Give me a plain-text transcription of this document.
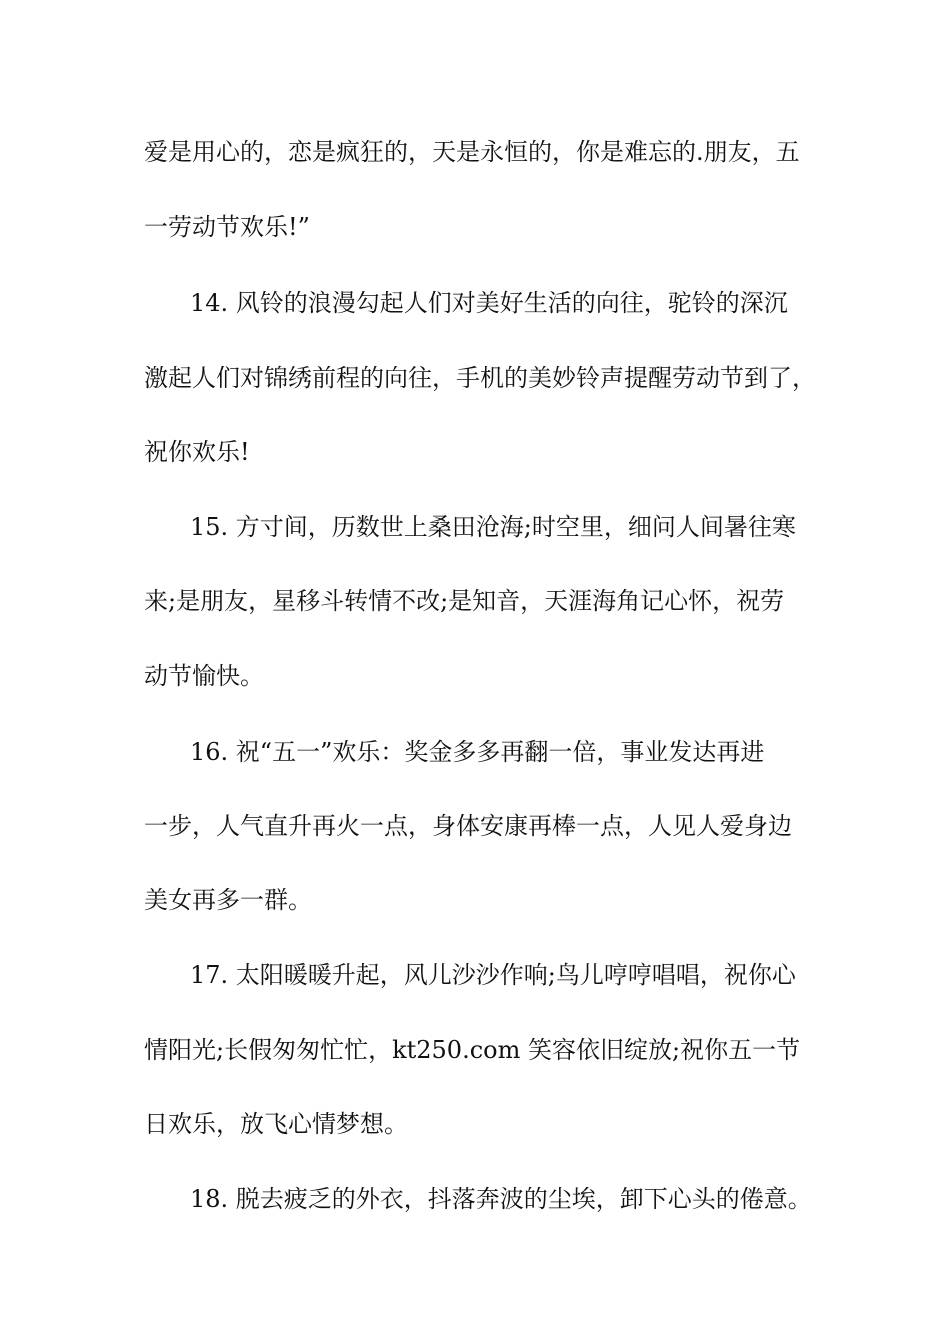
爱是用心的，恋是疯狂的，天是永恒的，你是难忘的.朋友，五
一劳动节欢乐!”
14. 风铃的浪漫勾起人们对美好生活的向往，驼铃的深沉
激起人们对锦绣前程的向往，手机的美妙铃声提醒劳动节到了，
祝你欢乐!
15. 方寸间，历数世上桑田沧海;时空里，细问人间暑往寒
来;是朋友，星移斗转情不改;是知音，天涯海角记心怀，祝劳
动节愉快。
16. 祝“五一”欢乐：奖金多多再翻一倍，事业发达再进
一步，人气直升再火一点，身体安康再棒一点，人见人爱身边
美女再多一群。
17. 太阳暖暖升起，风儿沙沙作响;鸟儿哼哼唱唱，祝你心
情阳光;长假匆匆忙忙，kt250.com 笑容依旧绽放;祝你五一节
日欢乐，放飞心情梦想。
18. 脱去疲乏的外衣，抖落奔波的尘埃，卸下心头的倦意。
